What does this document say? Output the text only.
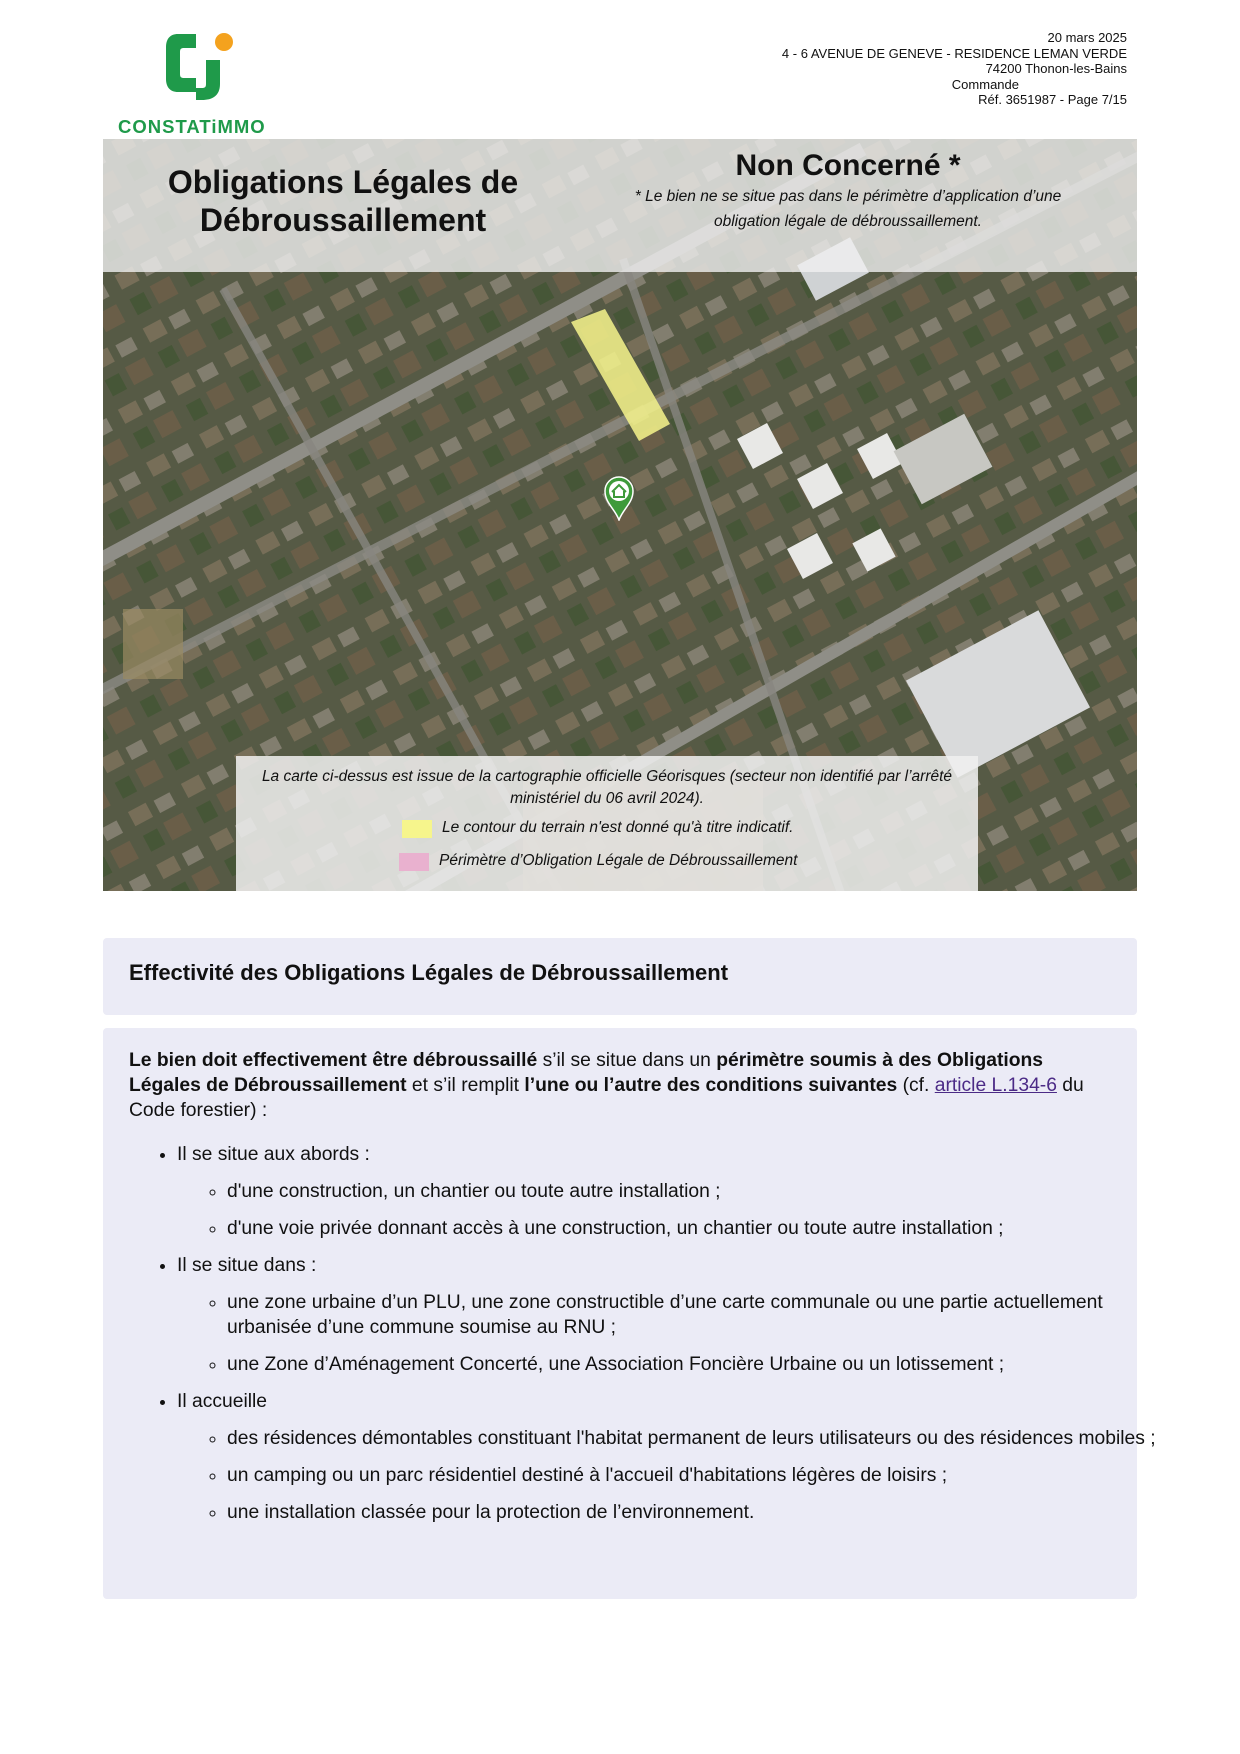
CONSTATiMMO
20 mars 2025
4 - 6 AVENUE DE GENEVE - RESIDENCE LEMAN VERDE
74200 Thonon-les-Bains
Commande
Réf. 3651987 - Page 7/15
Obligations Légales de
Débroussaillement
Non Concerné *
* Le bien ne se situe pas dans le périmètre d’application d’une
obligation légale de débroussaillement.
La carte ci-dessus est issue de la cartographie officielle Géorisques (secteur non identifié par l’arrêté
ministériel du 06 avril 2024).
Le contour du terrain n'est donné qu'à titre indicatif.
Périmètre d’Obligation Légale de Débroussaillement
Effectivité des Obligations Légales de Débroussaillement
Le bien doit effectivement être débroussaillé s’il se situe dans un périmètre soumis à des Obligations Légales de Débroussaillement et s’il remplit l’une ou l’autre des conditions suivantes (cf. article L.134-6 du Code forestier) :
• Il se situe aux abords :
◦ d'une construction, un chantier ou toute autre installation ;
◦ d'une voie privée donnant accès à une construction, un chantier ou toute autre installation ;
• Il se situe dans :
◦ une zone urbaine d’un PLU, une zone constructible d’une carte communale ou une partie actuellement urbanisée d’une commune soumise au RNU ;
◦ une Zone d’Aménagement Concerté, une Association Foncière Urbaine ou un lotissement ;
• Il accueille
◦ des résidences démontables constituant l'habitat permanent de leurs utilisateurs ou des résidences mobiles ;
◦ un camping ou un parc résidentiel destiné à l'accueil d'habitations légères de loisirs ;
◦ une installation classée pour la protection de l’environnement.
